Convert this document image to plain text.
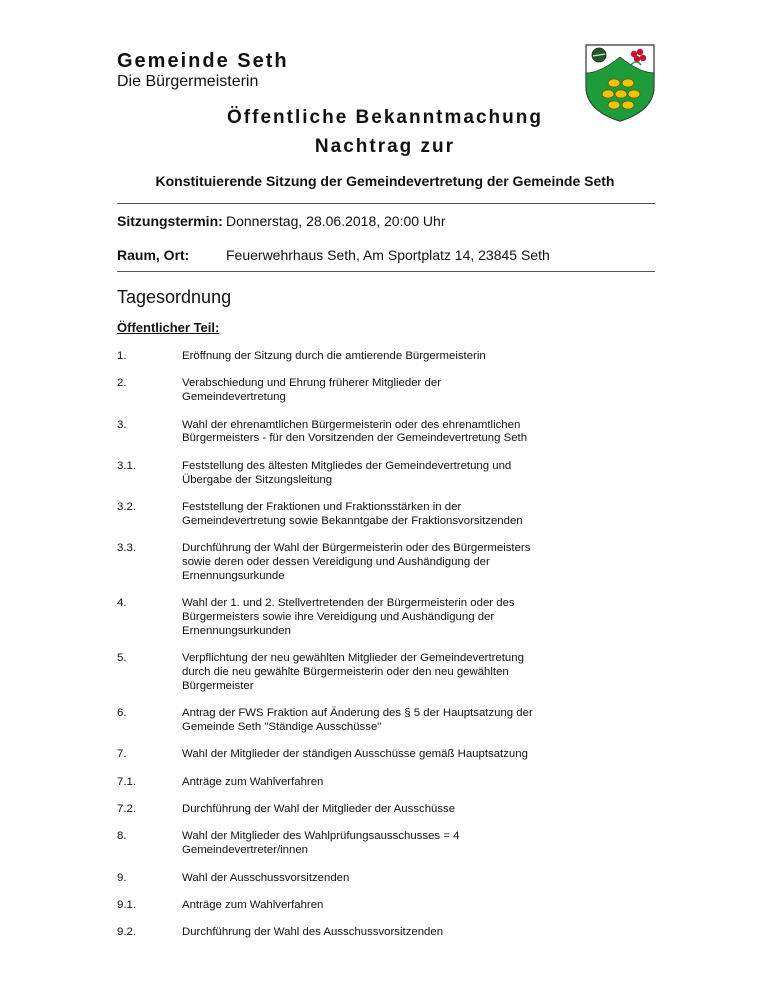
Gemeinde Seth
Die Bürgermeisterin
Öffentliche Bekanntmachung
Nachtrag zur
Konstituierende Sitzung der Gemeindevertretung der Gemeinde Seth
Sitzungstermin: Donnerstag, 28.06.2018, 20:00 Uhr
Raum, Ort:	Feuerwehrhaus Seth, Am Sportplatz 14, 23845 Seth
Tagesordnung
Öffentlicher Teil:
1.	Eröffnung der Sitzung durch die amtierende Bürgermeisterin
2.	Verabschiedung und Ehrung früherer Mitglieder der
Gemeindevertretung
3.	Wahl der ehrenamtlichen Bürgermeisterin oder des ehrenamtlichen
Bürgermeisters - für den Vorsitzenden der Gemeindevertretung Seth
3.1.	Feststellung des ältesten Mitgliedes der Gemeindevertretung und
Übergabe der Sitzungsleitung
3.2.	Feststellung der Fraktionen und Fraktionsstärken in der
Gemeindevertretung sowie Bekanntgabe der Fraktionsvorsitzenden
3.3.	Durchführung der Wahl der Bürgermeisterin oder des Bürgermeisters
sowie deren oder dessen Vereidigung und Aushändigung der
Ernennungsurkunde
4.	Wahl der 1. und 2. Stellvertretenden der Bürgermeisterin oder des
Bürgermeisters sowie ihre Vereidigung und Aushändigung der
Ernennungsurkunden
5.	Verpflichtung der neu gewählten Mitglieder der Gemeindevertretung
durch die neu gewählte Bürgermeisterin oder den neu gewählten
Bürgermeister
6.	Antrag der FWS Fraktion auf Änderung des § 5 der Hauptsatzung der
Gemeinde Seth "Ständige Ausschüsse"
7.	Wahl der Mitglieder der ständigen Ausschüsse gemäß Hauptsatzung
7.1.	Anträge zum Wahlverfahren
7.2.	Durchführung der Wahl der Mitglieder der Ausschüsse
8.	Wahl der Mitglieder des Wahlprüfungsausschusses = 4
Gemeindevertreter/innen
9.	Wahl der Ausschussvorsitzenden
9.1.	Anträge zum Wahlverfahren
9.2.	Durchführung der Wahl des Ausschussvorsitzenden
